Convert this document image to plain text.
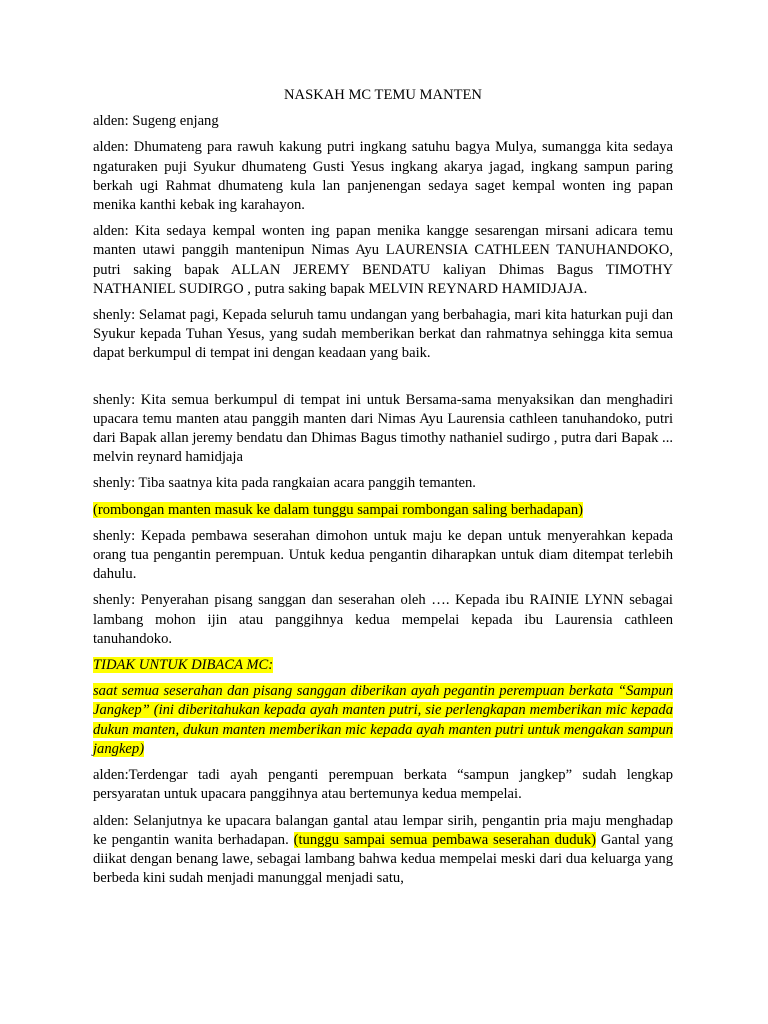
NASKAH MC TEMU MANTEN
alden: Sugeng enjang
alden: Dhumateng para rawuh kakung putri ingkang satuhu bagya Mulya, sumangga kita sedaya ngaturaken puji Syukur dhumateng Gusti Yesus ingkang akarya jagad, ingkang sampun paring berkah ugi Rahmat dhumateng kula lan panjenengan sedaya saget kempal wonten ing papan menika kanthi kebak ing karahayon.
alden: Kita sedaya kempal wonten ing papan menika kangge sesarengan mirsani adicara temu manten utawi panggih mantenipun Nimas Ayu LAURENSIA CATHLEEN TANUHANDOKO, putri saking bapak ALLAN JEREMY BENDATU kaliyan Dhimas Bagus TIMOTHY NATHANIEL SUDIRGO , putra saking bapak MELVIN REYNARD HAMIDJAJA.
shenly: Selamat pagi, Kepada seluruh tamu undangan yang berbahagia, mari kita haturkan puji dan Syukur kepada Tuhan Yesus, yang sudah memberikan berkat dan rahmatnya sehingga kita semua dapat berkumpul di tempat ini dengan keadaan yang baik.
shenly: Kita semua berkumpul di tempat ini untuk Bersama-sama menyaksikan dan menghadiri upacara temu manten atau panggih manten dari Nimas Ayu Laurensia cathleen tanuhandoko, putri dari Bapak allan jeremy bendatu dan Dhimas Bagus timothy nathaniel sudirgo , putra dari Bapak ... melvin reynard hamidjaja
shenly: Tiba saatnya kita pada rangkaian acara panggih temanten.
(rombongan manten masuk ke dalam tunggu sampai rombongan saling berhadapan)
shenly: Kepada pembawa seserahan dimohon untuk maju ke depan untuk menyerahkan kepada orang tua pengantin perempuan. Untuk kedua pengantin diharapkan untuk diam ditempat terlebih dahulu.
shenly: Penyerahan pisang sanggan dan seserahan oleh …. Kepada ibu RAINIE LYNN sebagai lambang mohon ijin atau panggihnya kedua mempelai kepada ibu Laurensia cathleen tanuhandoko.
TIDAK UNTUK DIBACA MC:
saat semua seserahan dan pisang sanggan diberikan ayah pegantin perempuan berkata “Sampun Jangkep” (ini diberitahukan kepada ayah manten putri, sie perlengkapan memberikan mic kepada dukun manten, dukun manten memberikan mic kepada ayah manten putri untuk mengakan sampun jangkep)
alden:Terdengar tadi ayah penganti perempuan berkata “sampun jangkep” sudah lengkap persyaratan untuk upacara panggihnya atau bertemunya kedua mempelai.
alden: Selanjutnya ke upacara balangan gantal atau lempar sirih, pengantin pria maju menghadap ke pengantin wanita berhadapan. (tunggu sampai semua pembawa seserahan duduk) Gantal yang diikat dengan benang lawe, sebagai lambang bahwa kedua mempelai meski dari dua keluarga yang berbeda kini sudah menjadi manunggal menjadi satu,
